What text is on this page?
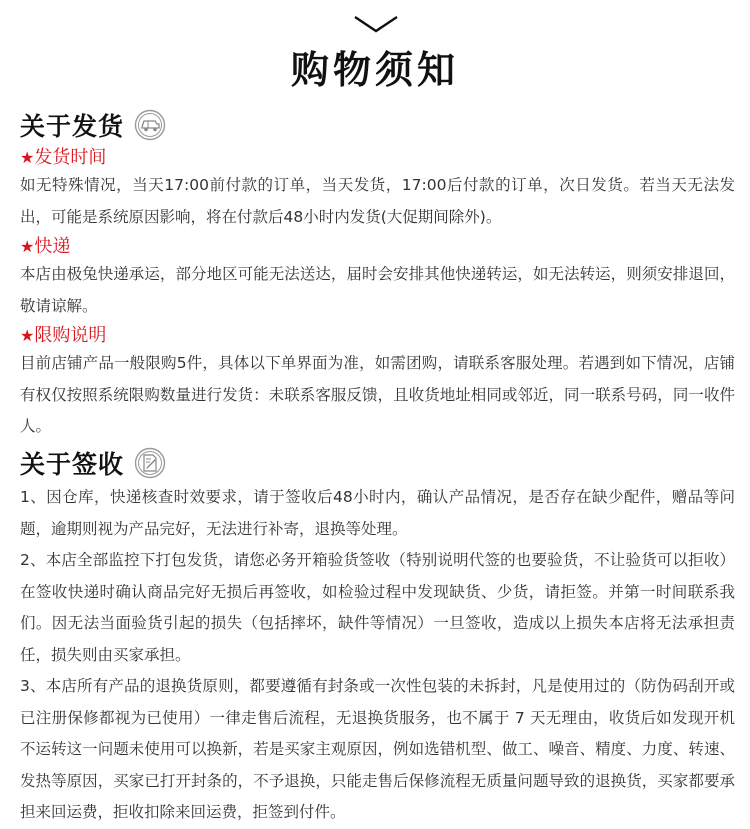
购物须知
关于发货
★发货时间
如无特殊情况，当天17:00前付款的订单，当天发货，17:00后付款的订单，次日发货。若当天无法发出，可能是系统原因影响，将在付款后48小时内发货(大促期间除外)。
★快递
本店由极兔快递承运，部分地区可能无法送达，届时会安排其他快递转运，如无法转运，则须安排退回，敬请谅解。
★限购说明
目前店铺产品一般限购5件，具体以下单界面为准，如需团购，请联系客服处理。若遇到如下情况，店铺有权仅按照系统限购数量进行发货：未联系客服反馈，且收货地址相同或邻近，同一联系号码，同一收件人。
关于签收
1、因仓库，快递核查时效要求，请于签收后48小时内，确认产品情况，是否存在缺少配件，赠品等问题，逾期则视为产品完好，无法进行补寄，退换等处理。
2、本店全部监控下打包发货，请您必务开箱验货签收（特别说明代签的也要验货，不让验货可以拒收）在签收快递时确认商品完好无损后再签收，如检验过程中发现缺货、少货，请拒签。并第一时间联系我们。因无法当面验货引起的损失（包括摔坏，缺件等情况）一旦签收，造成以上损失本店将无法承担责任，损失则由买家承担。
3、本店所有产品的退换货原则，都要遵循有封条或一次性包装的未拆封，凡是使用过的（防伪码刮开或已注册保修都视为已使用）一律走售后流程，无退换货服务，也不属于 7 天无理由，收货后如发现开机不运转这一问题未使用可以换新，若是买家主观原因，例如选错机型、做工、噪音、精度、力度、转速、发热等原因，买家已打开封条的，不予退换，只能走售后保修流程无质量问题导致的退换货，买家都要承担来回运费，拒收扣除来回运费，拒签到付件。
